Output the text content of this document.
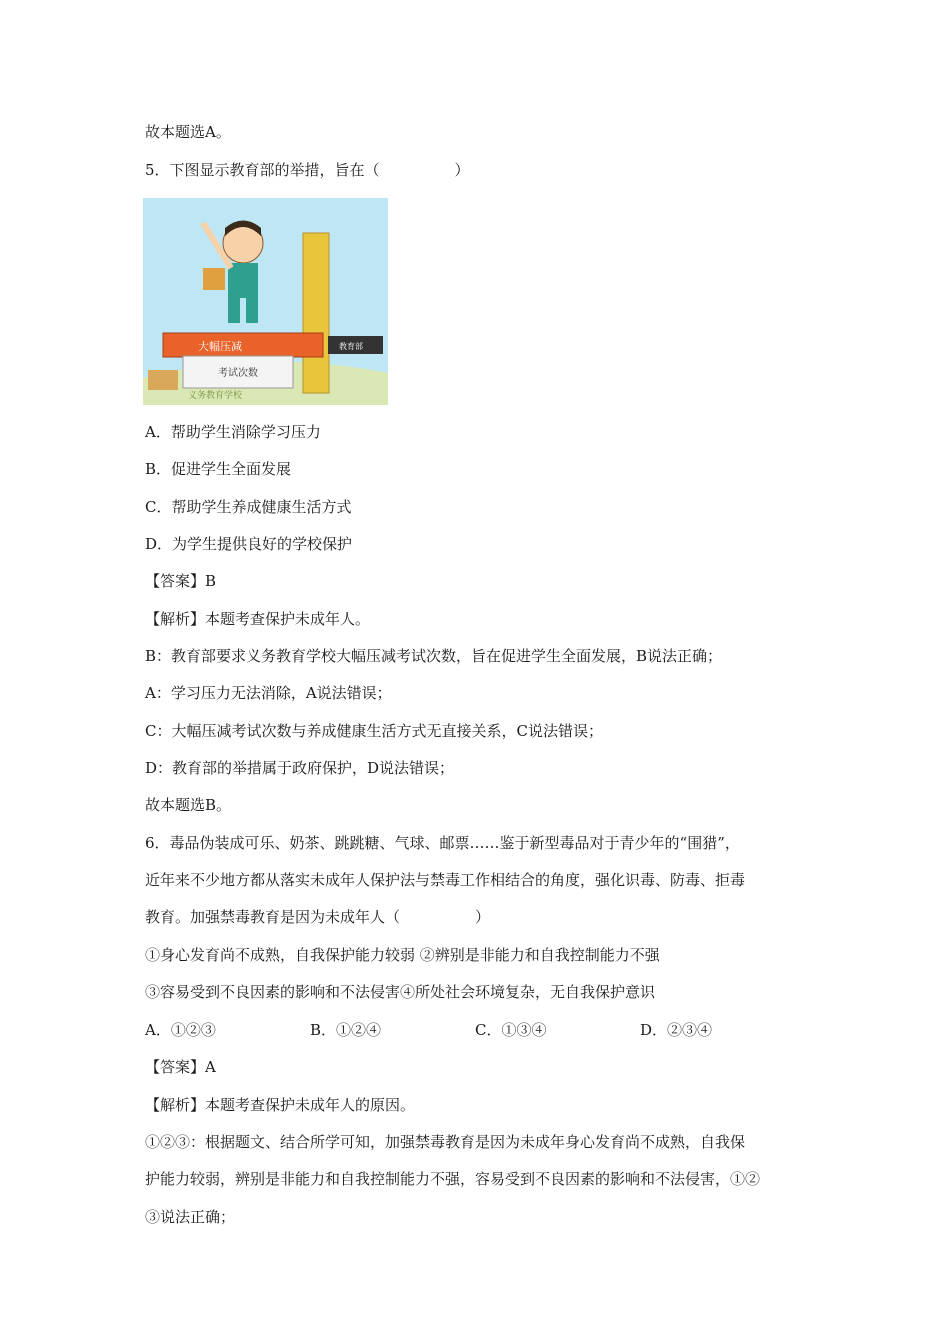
故本题选A。
5．下图显示教育部的举措，旨在（　　　　　）
大幅压减
考试次数
教育部
义务教育学校
A．帮助学生消除学习压力
B．促进学生全面发展
C．帮助学生养成健康生活方式
D．为学生提供良好的学校保护
【答案】B
【解析】本题考查保护未成年人。
B：教育部要求义务教育学校大幅压减考试次数，旨在促进学生全面发展，B说法正确；
A：学习压力无法消除，A说法错误；
C：大幅压减考试次数与养成健康生活方式无直接关系，C说法错误；
D：教育部的举措属于政府保护，D说法错误；
故本题选B。
6．毒品伪装成可乐、奶茶、跳跳糖、气球、邮票……鉴于新型毒品对于青少年的“围猎”，
近年来不少地方都从落实未成年人保护法与禁毒工作相结合的角度，强化识毒、防毒、拒毒
教育。加强禁毒教育是因为未成年人（　　　　　）
①身心发育尚不成熟，自我保护能力较弱 ②辨别是非能力和自我控制能力不强
③容易受到不良因素的影响和不法侵害④所处社会环境复杂，无自我保护意识
A．①②③	B．①②④	C．①③④	D．②③④
【答案】A
【解析】本题考查保护未成年人的原因。
①②③：根据题文、结合所学可知，加强禁毒教育是因为未成年身心发育尚不成熟，自我保
护能力较弱，辨别是非能力和自我控制能力不强，容易受到不良因素的影响和不法侵害，①②
③说法正确；
